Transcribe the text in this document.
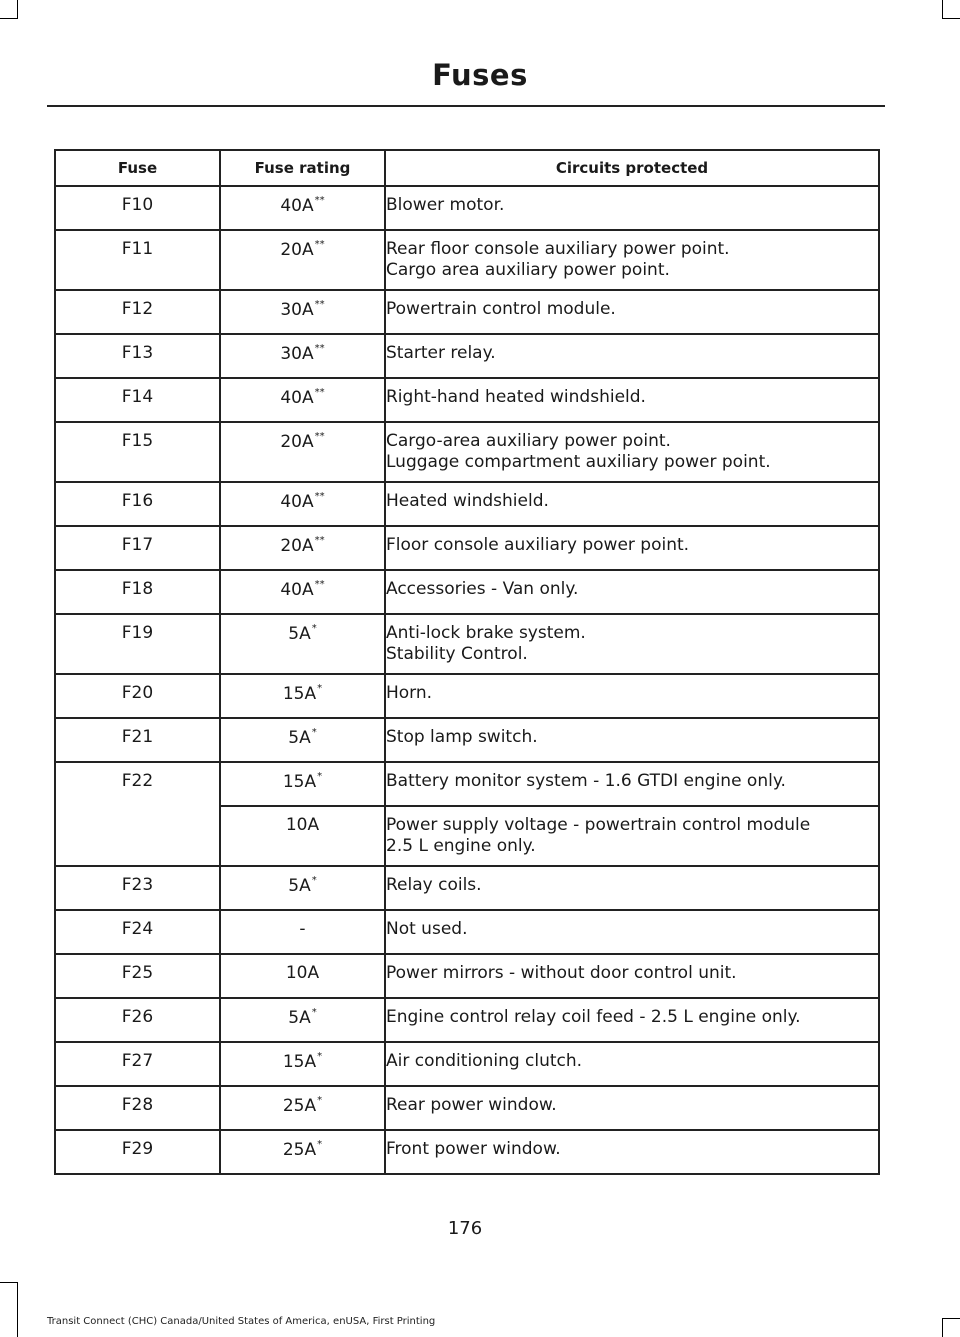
Fuses
Fuse	Fuse rating	Circuits protected
F10	40A**	Blower motor.

F11	20A**	Rear floor console auxiliary power point.
Cargo area auxiliary power point.

F12	30A**	Powertrain control module.

F13	30A**	Starter relay.

F14	40A**	Right-hand heated windshield.

F15	20A**	Cargo-area auxiliary power point.
Luggage compartment auxiliary power point.

F16	40A**	Heated windshield.

F17	20A**	Floor console auxiliary power point.

F18	40A**	Accessories - Van only.

F19	5A*	Anti-lock brake system.
Stability Control.

F20	15A*	Horn.

F21	5A*	Stop lamp switch.

F22	15A*	Battery monitor system - 1.6 GTDI engine only.

	10A	Power supply voltage - powertrain control module
2.5 L engine only.

F23	5A*	Relay coils.

F24	-	Not used.

F25	10A	Power mirrors - without door control unit.

F26	5A*	Engine control relay coil feed - 2.5 L engine only.

F27	15A*	Air conditioning clutch.

F28	25A*	Rear power window.

F29	25A*	Front power window.
176
Transit Connect (CHC) Canada/United States of America, enUSA, First Printing
